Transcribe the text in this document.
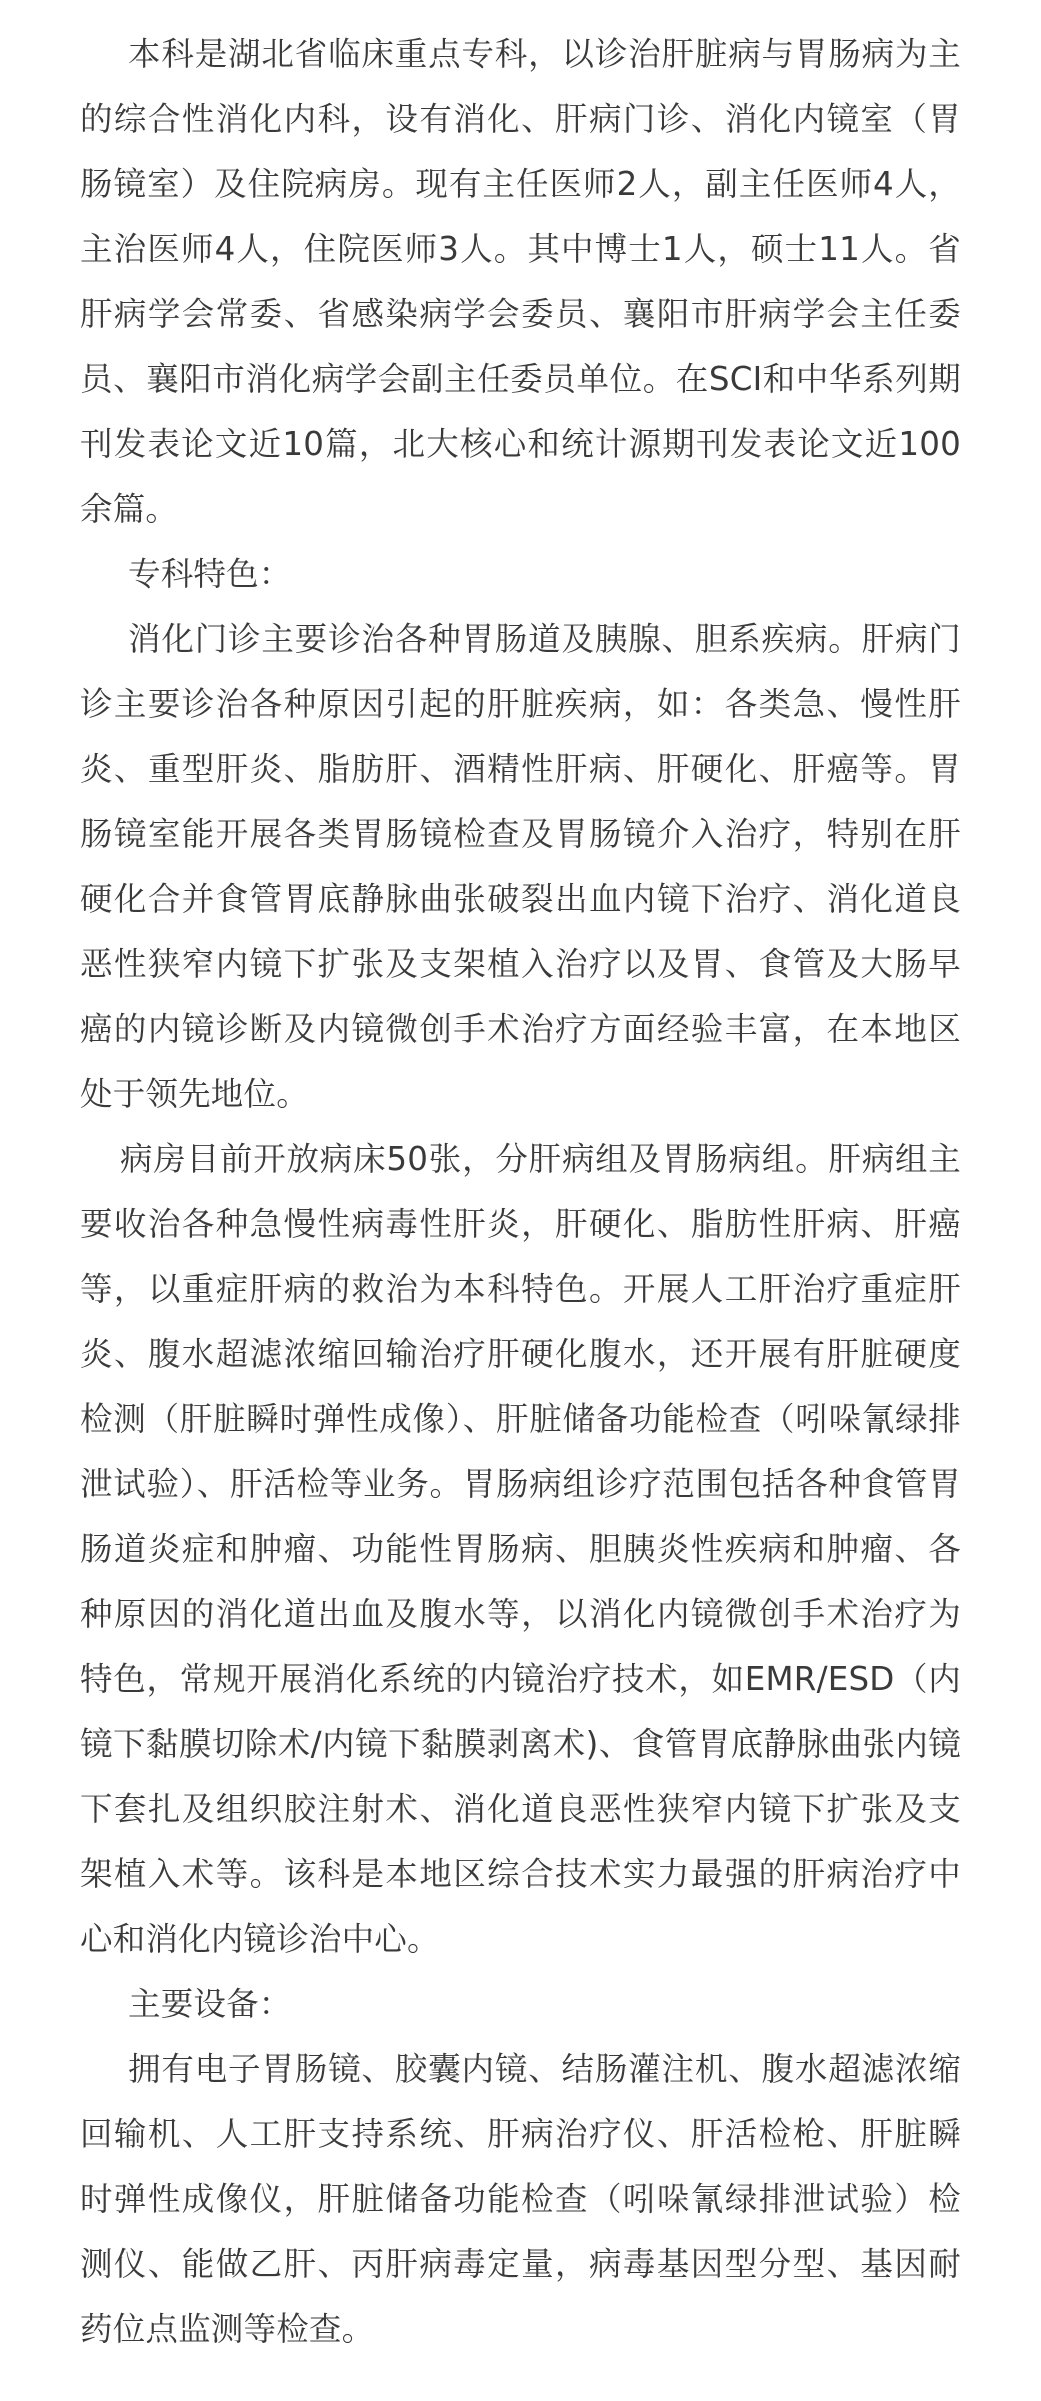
本科是湖北省临床重点专科，以诊治肝脏病与胃肠病为主的综合性消化内科，设有消化、肝病门诊、消化内镜室（胃肠镜室）及住院病房。现有主任医师2人，副主任医师4人，主治医师4人，住院医师3人。其中博士1人，硕士11人。省肝病学会常委、省感染病学会委员、襄阳市肝病学会主任委员、襄阳市消化病学会副主任委员单位。在SCI和中华系列期刊发表论文近10篇，北大核心和统计源期刊发表论文近100余篇。

专科特色：

消化门诊主要诊治各种胃肠道及胰腺、胆系疾病。肝病门诊主要诊治各种原因引起的肝脏疾病，如：各类急、慢性肝炎、重型肝炎、脂肪肝、酒精性肝病、肝硬化、肝癌等。胃肠镜室能开展各类胃肠镜检查及胃肠镜介入治疗，特别在肝硬化合并食管胃底静脉曲张破裂出血内镜下治疗、消化道良恶性狭窄内镜下扩张及支架植入治疗以及胃、食管及大肠早癌的内镜诊断及内镜微创手术治疗方面经验丰富，在本地区处于领先地位。

病房目前开放病床50张，分肝病组及胃肠病组。肝病组主要收治各种急慢性病毒性肝炎，肝硬化、脂肪性肝病、肝癌等，以重症肝病的救治为本科特色。开展人工肝治疗重症肝炎、腹水超滤浓缩回输治疗肝硬化腹水，还开展有肝脏硬度检测（肝脏瞬时弹性成像）、肝脏储备功能检查（吲哚氰绿排泄试验）、肝活检等业务。胃肠病组诊疗范围包括各种食管胃肠道炎症和肿瘤、功能性胃肠病、胆胰炎性疾病和肿瘤、各种原因的消化道出血及腹水等，以消化内镜微创手术治疗为特色，常规开展消化系统的内镜治疗技术，如EMR/ESD（内镜下黏膜切除术/内镜下黏膜剥离术)、食管胃底静脉曲张内镜下套扎及组织胶注射术、消化道良恶性狭窄内镜下扩张及支架植入术等。该科是本地区综合技术实力最强的肝病治疗中心和消化内镜诊治中心。

主要设备：

拥有电子胃肠镜、胶囊内镜、结肠灌注机、腹水超滤浓缩回输机、人工肝支持系统、肝病治疗仪、肝活检枪、肝脏瞬时弹性成像仪，肝脏储备功能检查（吲哚氰绿排泄试验）检测仪、能做乙肝、丙肝病毒定量，病毒基因型分型、基因耐药位点监测等检查。
